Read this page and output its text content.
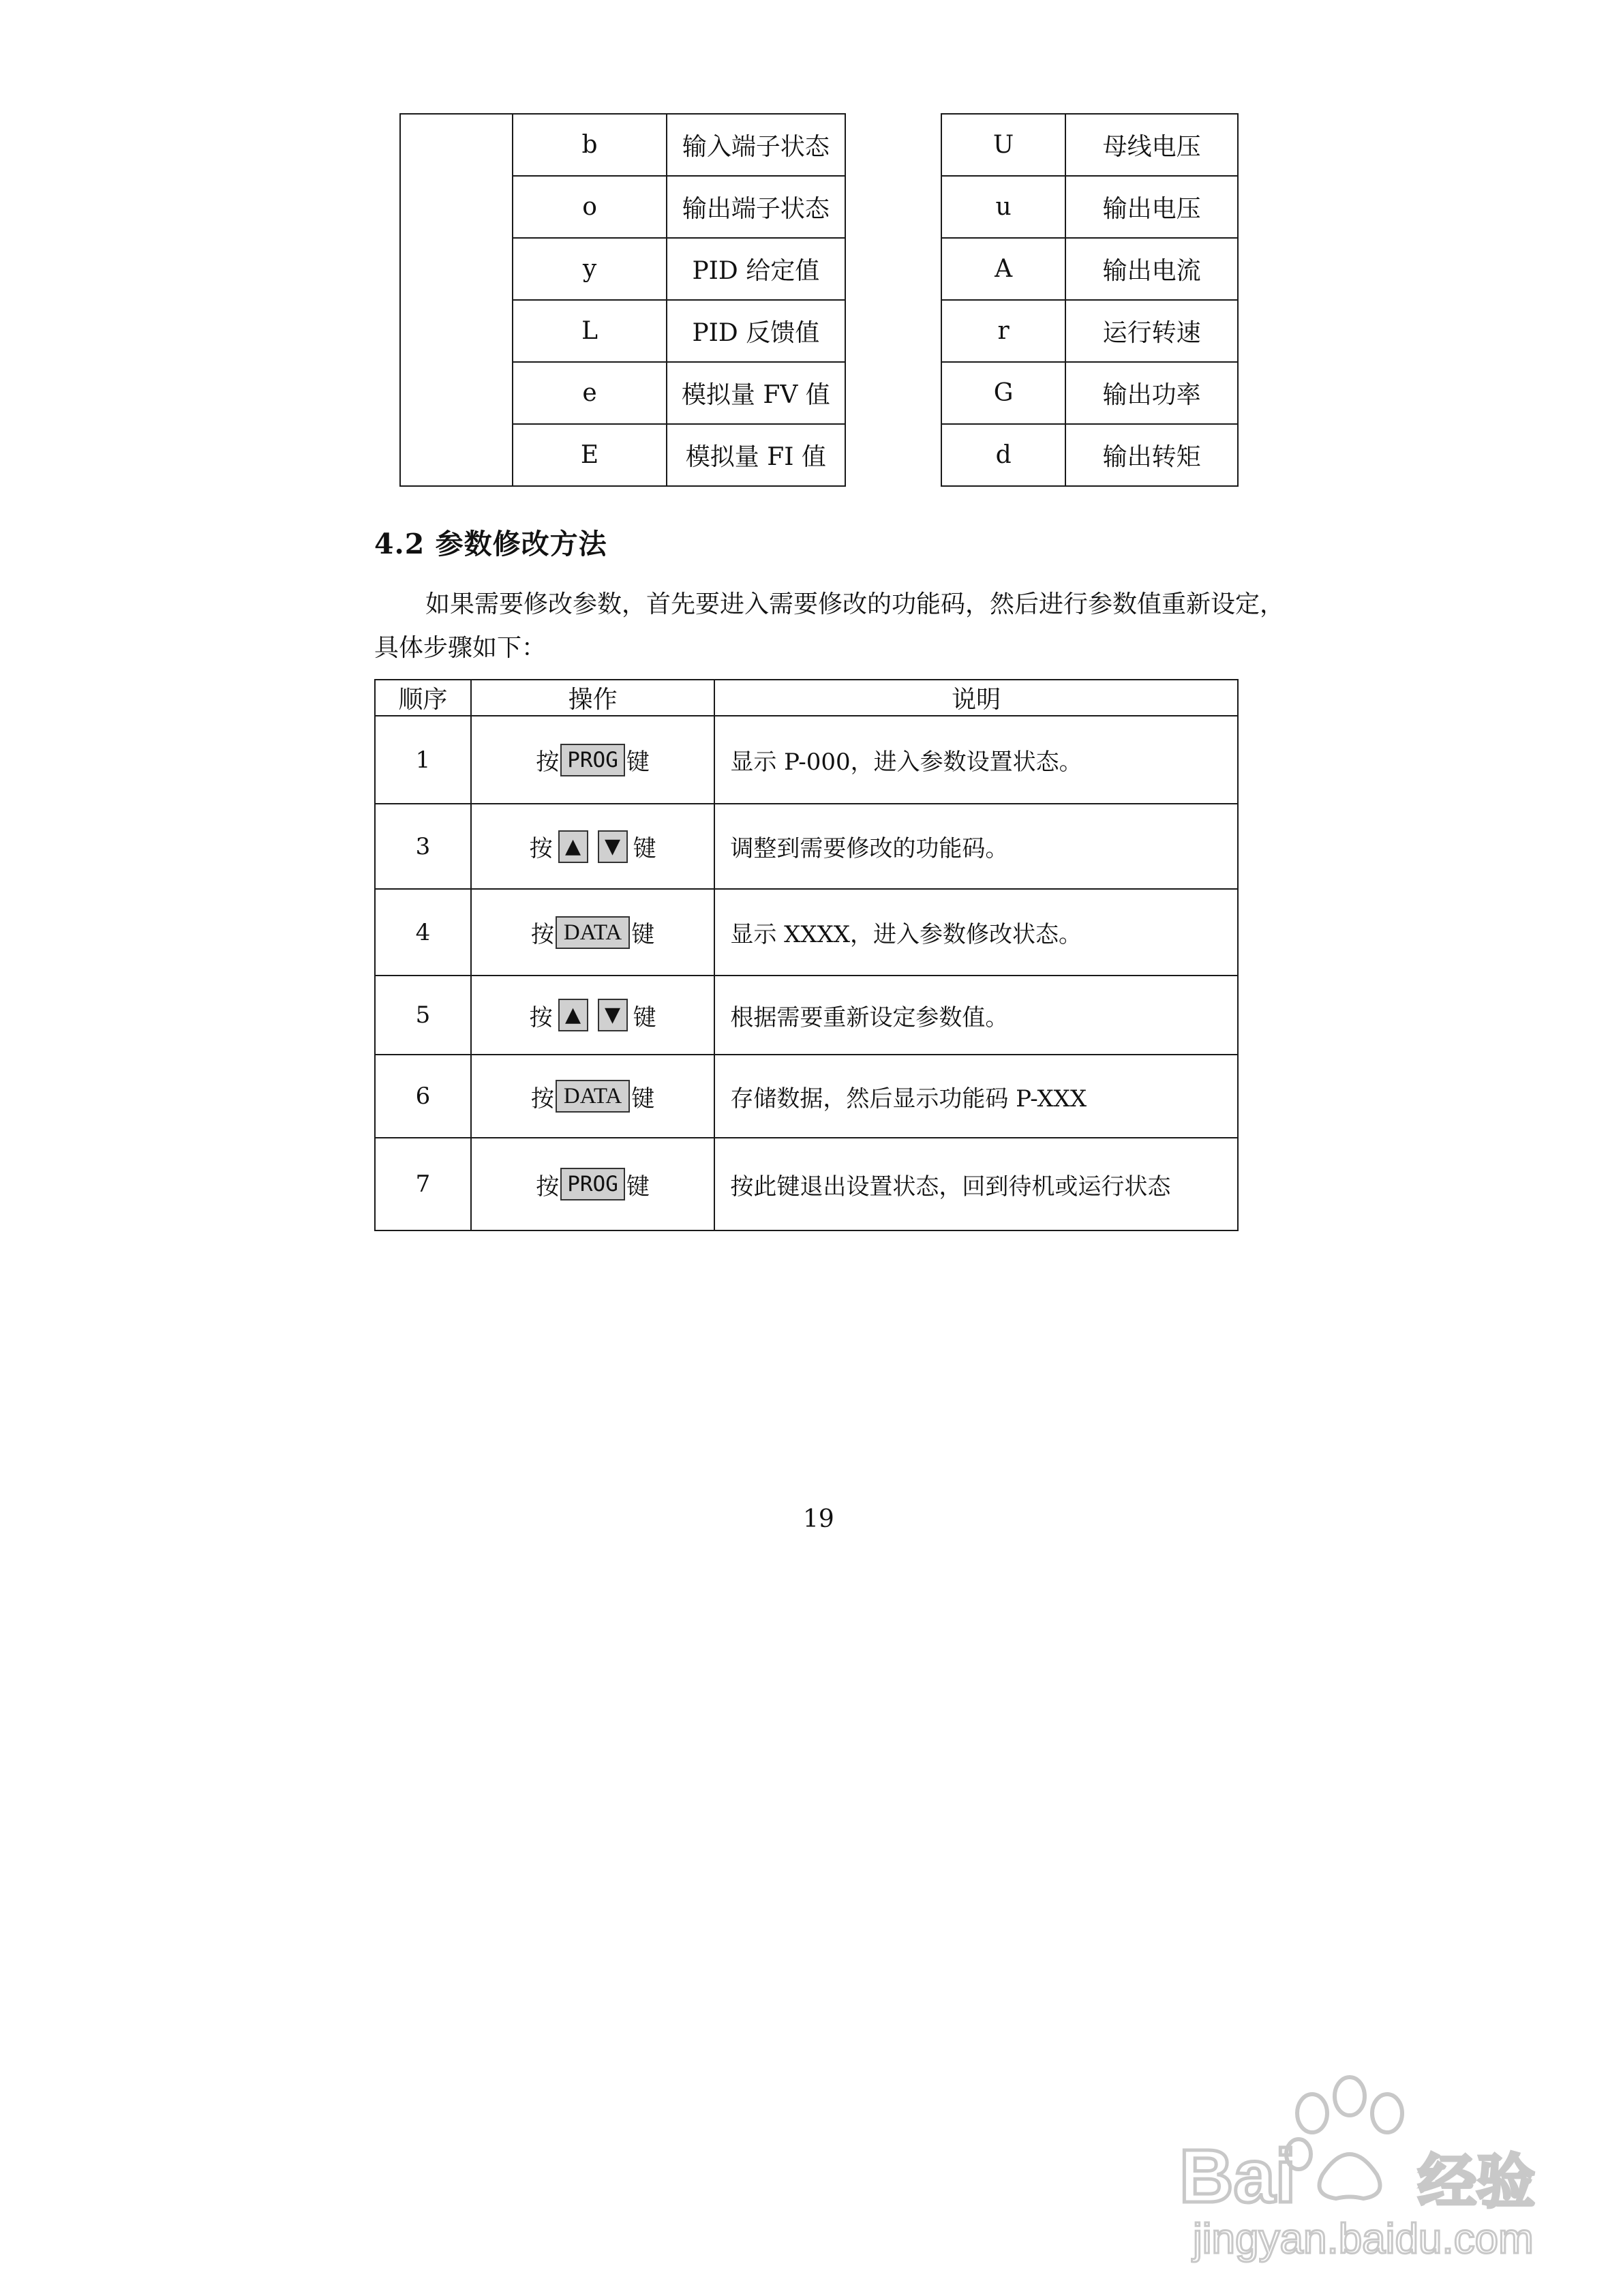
	b	输入端子状态
	o	输出端子状态
	y	PID 给定值
	L	PID 反馈值
	e	模拟量 FV 值
	E	模拟量 FI 值
U	母线电压
u	输出电压
A	输出电流
r	运行转速
G	输出功率
d	输出转矩
4.2 参数修改方法
如果需要修改参数，首先要进入需要修改的功能码，然后进行参数值重新设定，
具体步骤如下：
顺序	操作	说明
1	按 PROG 键	显示 P-000，进入参数设置状态。
3	按 ▲ ▼ 键	调整到需要修改的功能码。
4	按 DATA 键	显示 XXXX，进入参数修改状态。
5	按 ▲ ▼ 键	根据需要重新设定参数值。
6	按 DATA 键	存储数据，然后显示功能码 P-XXX
7	按 PROG 键	按此键退出设置状态，回到待机或运行状态
19
Bai 经验
jingyan.baidu.com
